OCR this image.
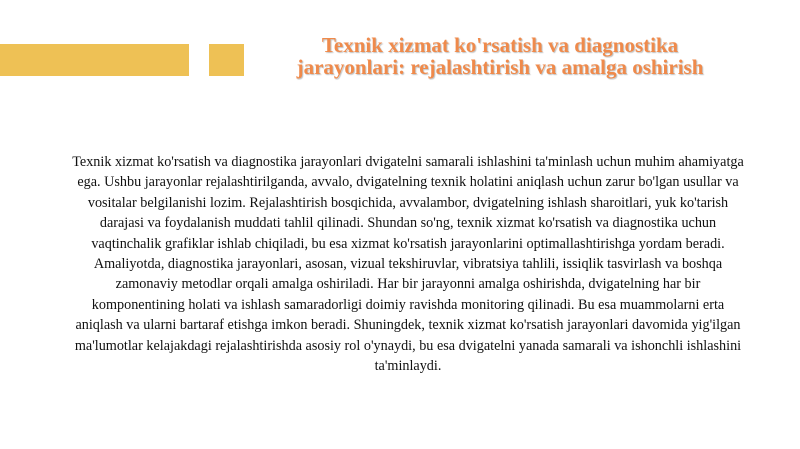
Texnik xizmat ko'rsatish va diagnostika jarayonlari: rejalashtirish va amalga oshirish

Texnik xizmat ko'rsatish va diagnostika jarayonlari dvigatelni samarali ishlashini ta'minlash uchun muhim ahamiyatga ega. Ushbu jarayonlar rejalashtirilganda, avvalo, dvigatelning texnik holatini aniqlash uchun zarur bo'lgan usullar va vositalar belgilanishi lozim. Rejalashtirish bosqichida, avvalambor, dvigatelning ishlash sharoitlari, yuk ko'tarish darajasi va foydalanish muddati tahlil qilinadi. Shundan so'ng, texnik xizmat ko'rsatish va diagnostika uchun vaqtinchalik grafiklar ishlab chiqiladi, bu esa xizmat ko'rsatish jarayonlarini optimallashtirishga yordam beradi. Amaliyotda, diagnostika jarayonlari, asosan, vizual tekshiruvlar, vibratsiya tahlili, issiqlik tasvirlash va boshqa zamonaviy metodlar orqali amalga oshiriladi. Har bir jarayonni amalga oshirishda, dvigatelning har bir komponentining holati va ishlash samaradorligi doimiy ravishda monitoring qilinadi. Bu esa muammolarni erta aniqlash va ularni bartaraf etishga imkon beradi. Shuningdek, texnik xizmat ko'rsatish jarayonlari davomida yig'ilgan ma'lumotlar kelajakdagi rejalashtirishda asosiy rol o'ynaydi, bu esa dvigatelni yanada samarali va ishonchli ishlashini ta'minlaydi.
